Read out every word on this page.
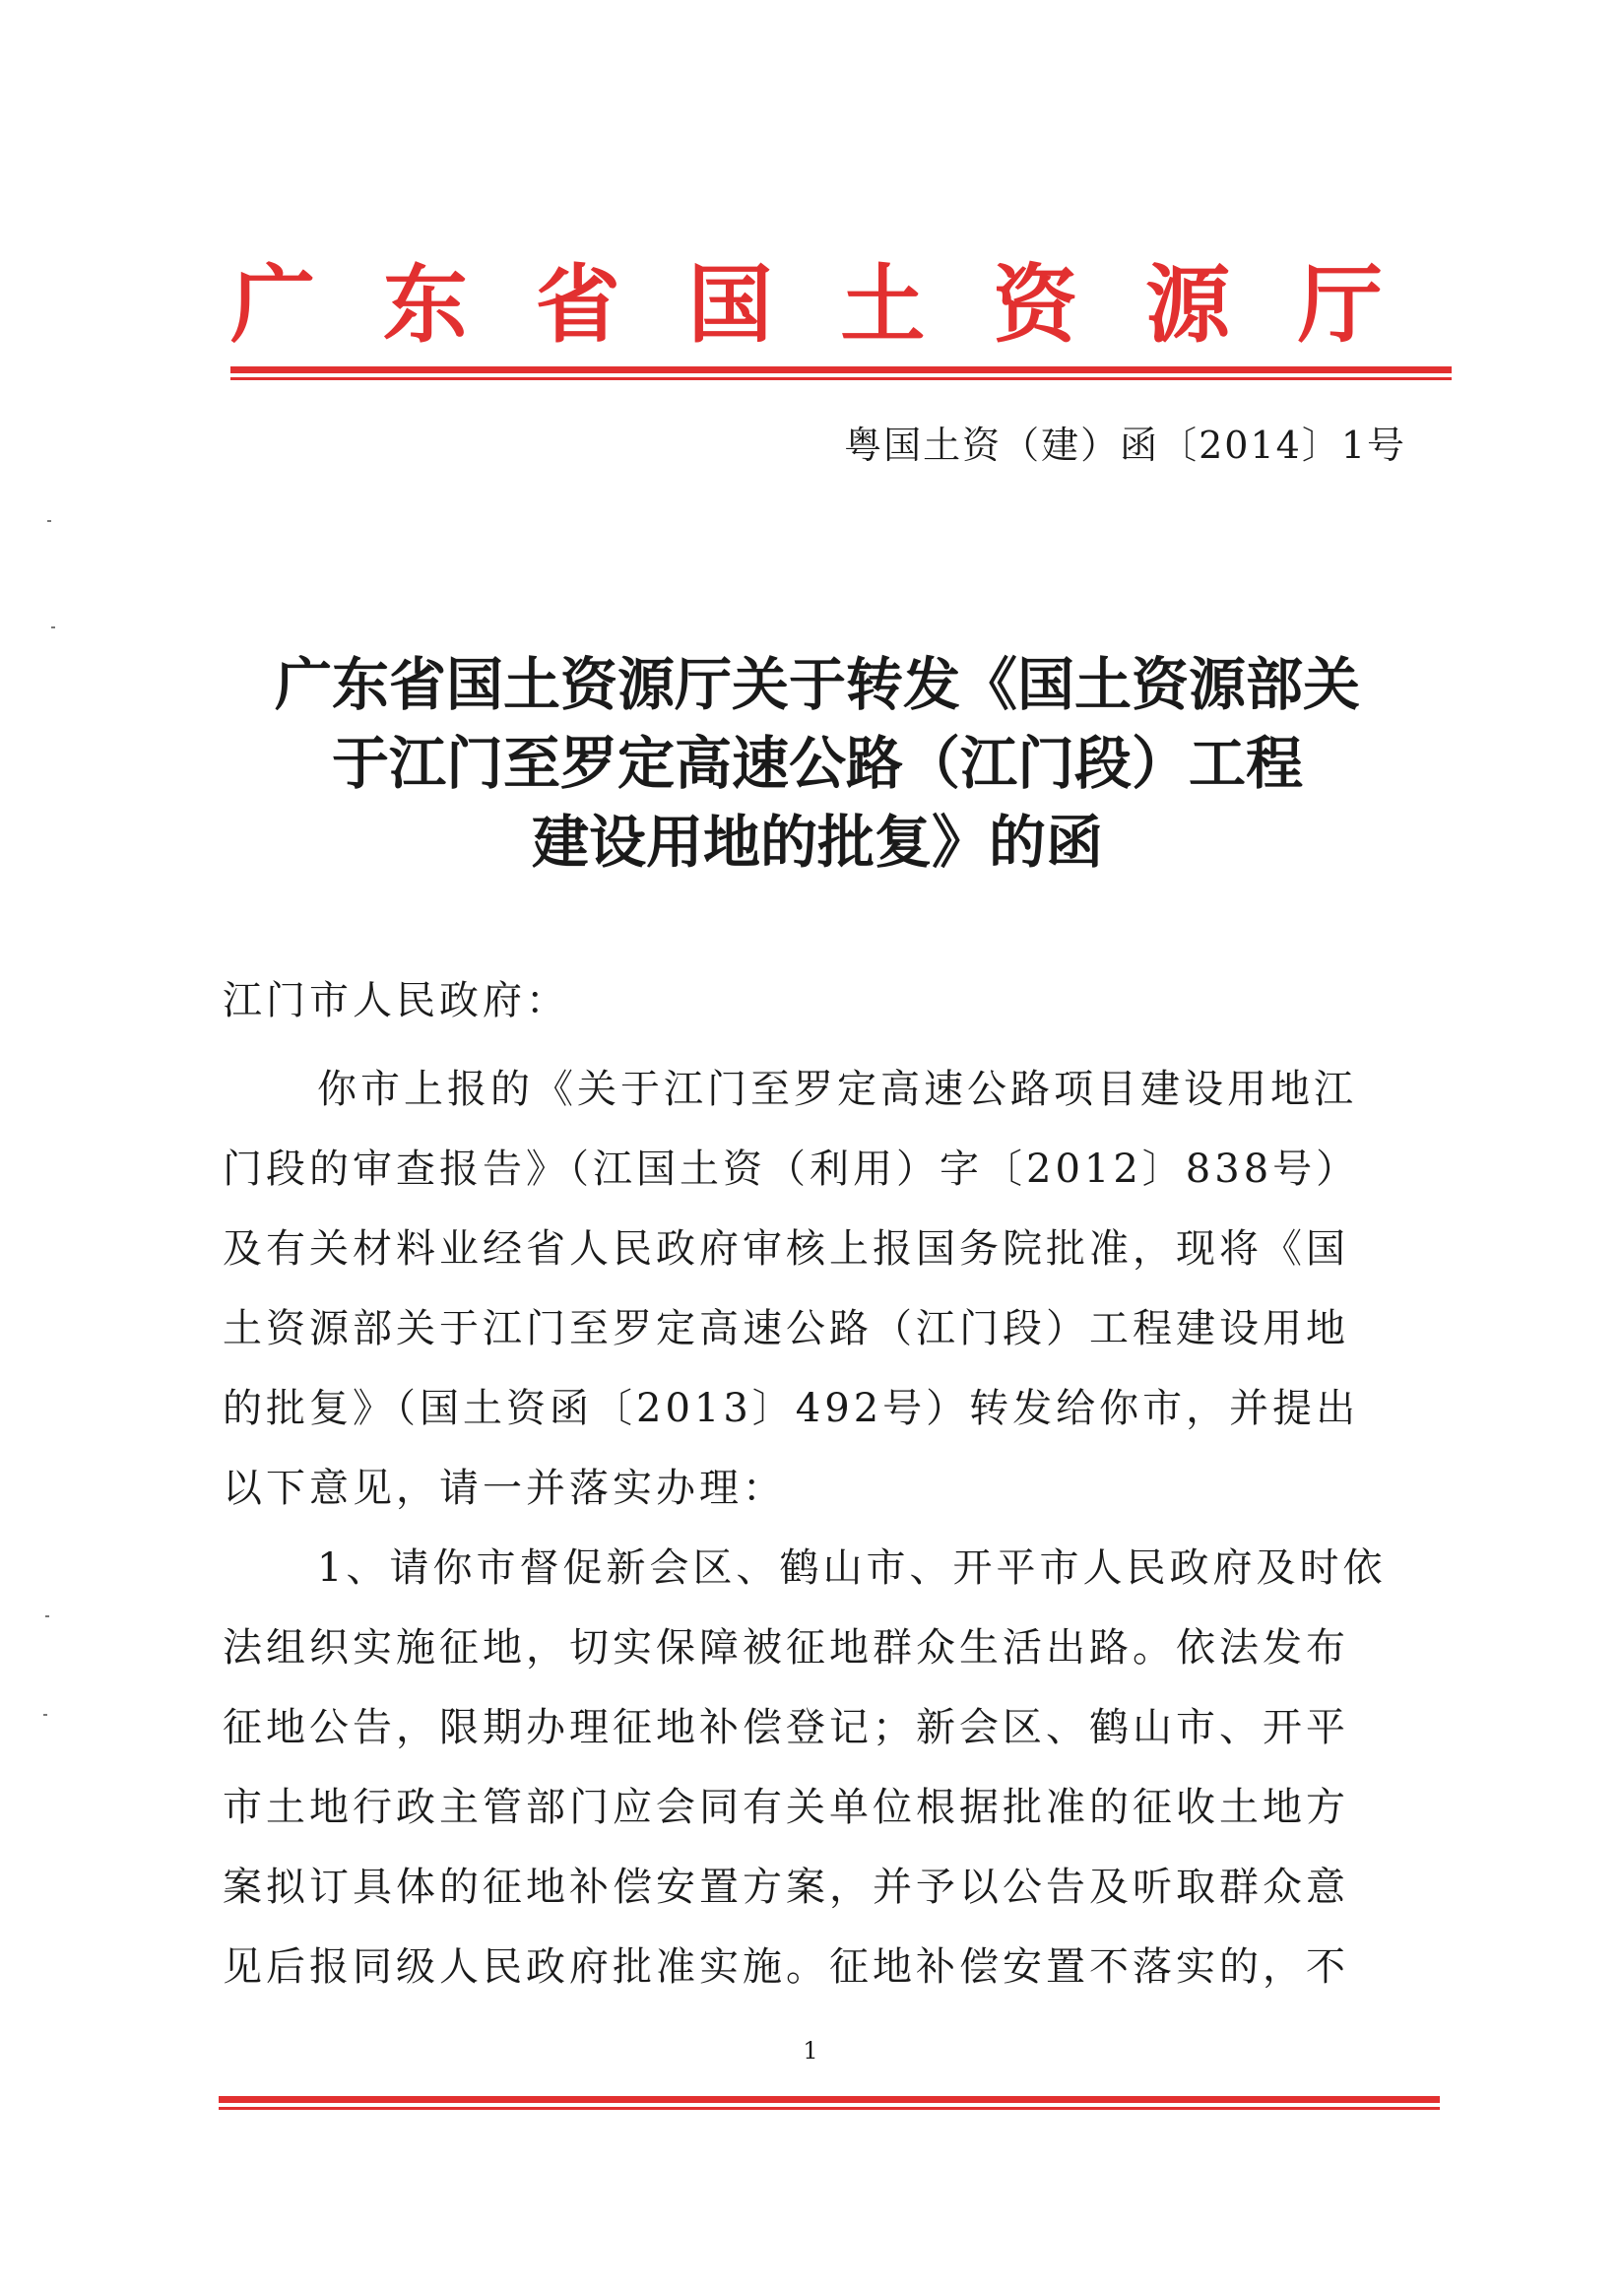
广 东 省 国 土 资 源 厅
粤国土资（建）函〔2014〕1号
广东省国土资源厅关于转发《国土资源部关
于江门至罗定高速公路（江门段）工程
建设用地的批复》的函
江门市人民政府：
你市上报的《关于江门至罗定高速公路项目建设用地江
门段的审查报告》（江国土资（利用）字〔2012〕838号）
及有关材料业经省人民政府审核上报国务院批准，现将《国
土资源部关于江门至罗定高速公路（江门段）工程建设用地
的批复》（国土资函〔2013〕492号）转发给你市，并提出
以下意见，请一并落实办理：
1、请你市督促新会区、鹤山市、开平市人民政府及时依
法组织实施征地，切实保障被征地群众生活出路。依法发布
征地公告，限期办理征地补偿登记；新会区、鹤山市、开平
市土地行政主管部门应会同有关单位根据批准的征收土地方
案拟订具体的征地补偿安置方案，并予以公告及听取群众意
见后报同级人民政府批准实施。征地补偿安置不落实的，不
1
